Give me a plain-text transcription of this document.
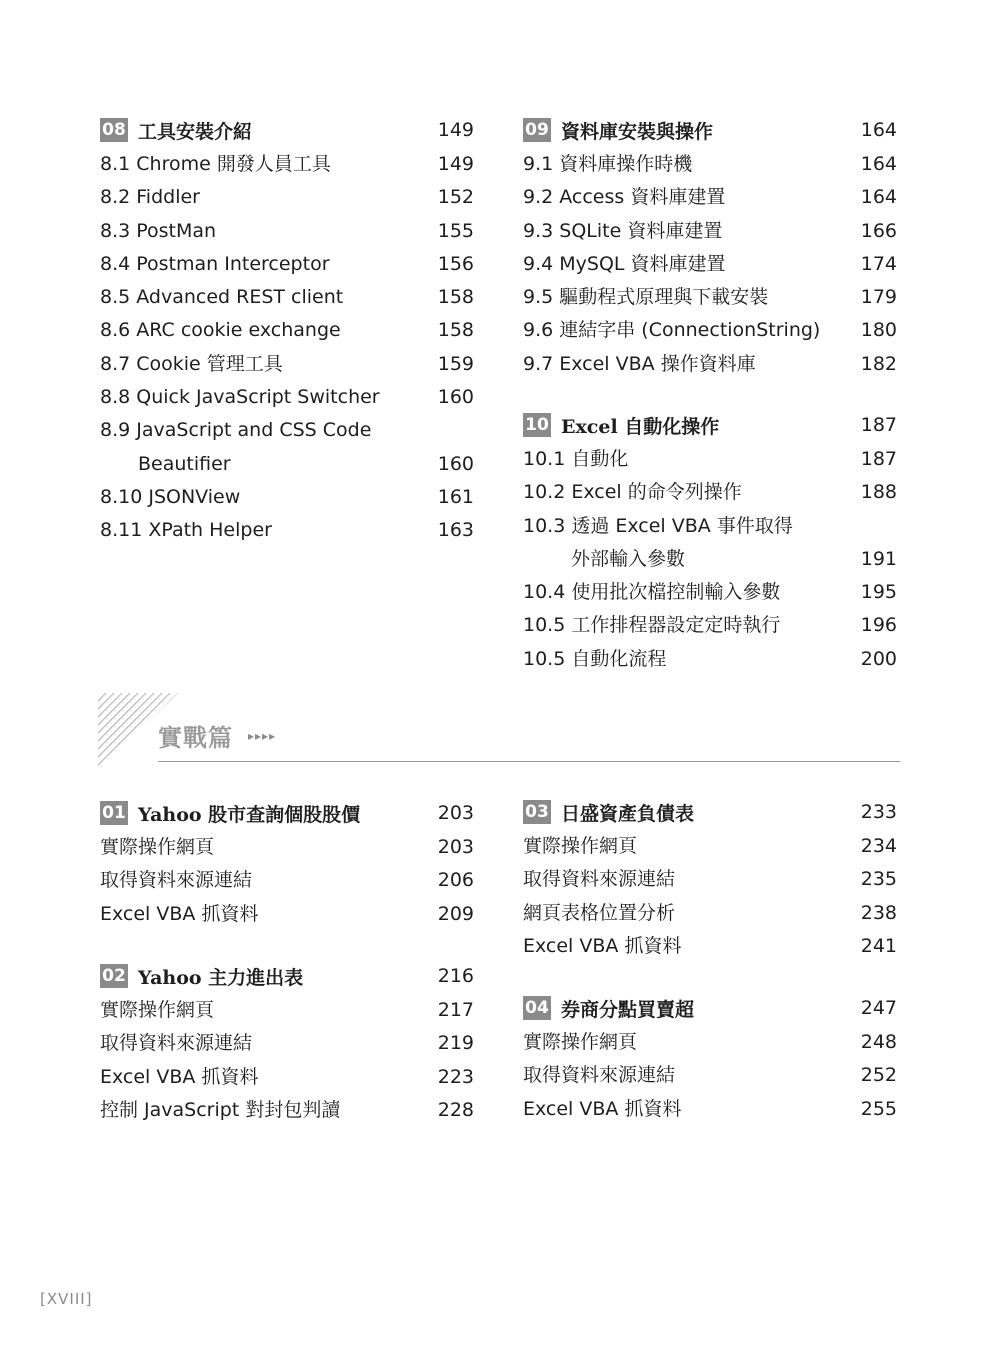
08 工具安裝介紹	149
8.1 Chrome 開發人員工具	149
8.2 Fiddler	152
8.3 PostMan	155
8.4 Postman Interceptor	156
8.5 Advanced REST client	158
8.6 ARC cookie exchange	158
8.7 Cookie 管理工具	159
8.8 Quick JavaScript Switcher	160
8.9 JavaScript and CSS Code
Beautifier	160
8.10 JSONView	161
8.11 XPath Helper	163
09 資料庫安裝與操作	164
9.1 資料庫操作時機	164
9.2 Access 資料庫建置	164
9.3 SQLite 資料庫建置	166
9.4 MySQL 資料庫建置	174
9.5 驅動程式原理與下載安裝	179
9.6 連結字串 (ConnectionString) 180
9.7 Excel VBA 操作資料庫	182
10 Excel 自動化操作	187
10.1 自動化	187
10.2 Excel 的命令列操作	188
10.3 透過 Excel VBA 事件取得
外部輸入參數	191
10.4 使用批次檔控制輸入參數	195
10.5 工作排程器設定定時執行	196
10.5 自動化流程	200
實戰篇 ▸▸▸▸
01 Yahoo 股市查詢個股股價	203
實際操作網頁	203
取得資料來源連結	206
Excel VBA 抓資料	209
02 Yahoo 主力進出表	216
實際操作網頁	217
取得資料來源連結	219
Excel VBA 抓資料	223
控制 JavaScript 對封包判讀	228
03 日盛資產負債表	233
實際操作網頁	234
取得資料來源連結	235
網頁表格位置分析	238
Excel VBA 抓資料	241
04 券商分點買賣超	247
實際操作網頁	248
取得資料來源連結	252
Excel VBA 抓資料	255
[XVIII]
